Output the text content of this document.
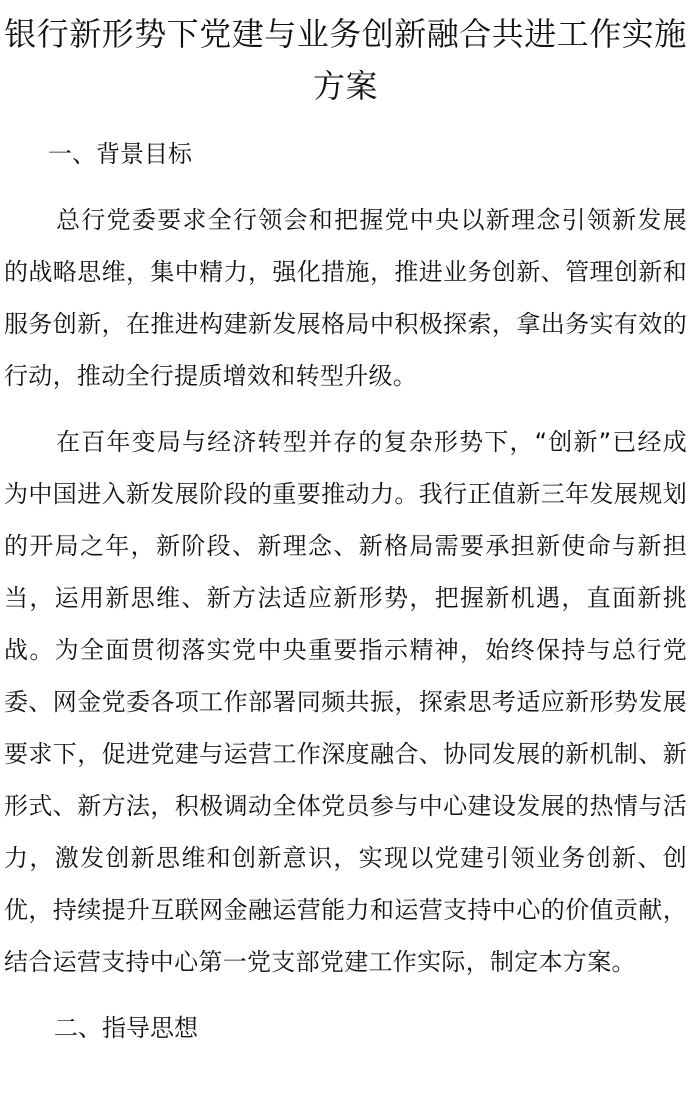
银行新形势下党建与业务创新融合共进工作实施方案
一、背景目标

总行党委要求全行领会和把握党中央以新理念引领新发展的战略思维，集中精力，强化措施，推进业务创新、管理创新和服务创新，在推进构建新发展格局中积极探索，拿出务实有效的行动，推动全行提质增效和转型升级。

在百年变局与经济转型并存的复杂形势下，“创新”已经成为中国进入新发展阶段的重要推动力。我行正值新三年发展规划的开局之年，新阶段、新理念、新格局需要承担新使命与新担当，运用新思维、新方法适应新形势，把握新机遇，直面新挑战。为全面贯彻落实党中央重要指示精神，始终保持与总行党委、网金党委各项工作部署同频共振，探索思考适应新形势发展要求下，促进党建与运营工作深度融合、协同发展的新机制、新形式、新方法，积极调动全体党员参与中心建设发展的热情与活力，激发创新思维和创新意识，实现以党建引领业务创新、创优，持续提升互联网金融运营能力和运营支持中心的价值贡献，结合运营支持中心第一党支部党建工作实际，制定本方案。

二、指导思想
